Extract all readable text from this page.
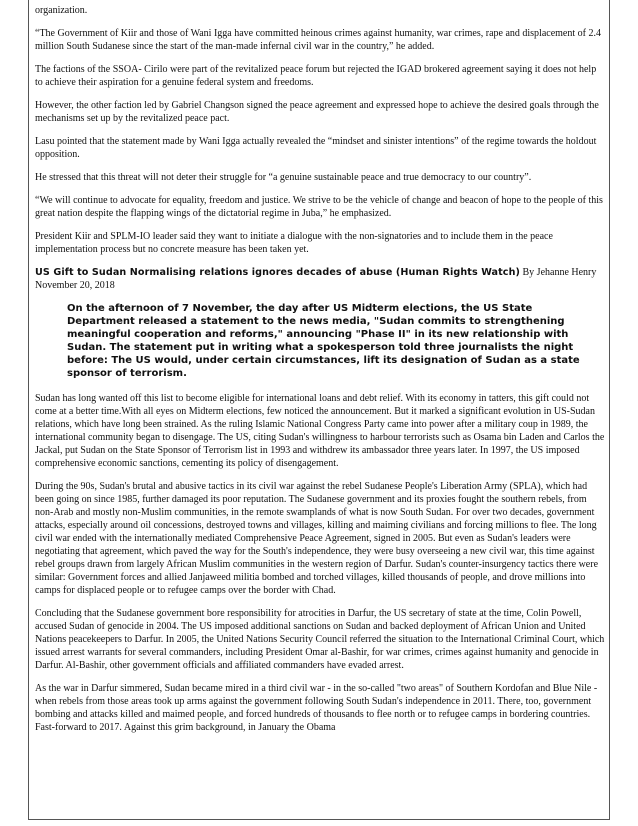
organization.

“The Government of Kiir and those of Wani Igga have committed heinous crimes against humanity, war crimes, rape and displacement of 2.4 million South Sudanese since the start of the man-made infernal civil war in the country,” he added.

The factions of the SSOA- Cirilo were part of the revitalized peace forum but rejected the IGAD brokered agreement saying it does not help to achieve their aspiration for a genuine federal system and freedoms.

However, the other faction led by Gabriel Changson signed the peace agreement and expressed hope to achieve the desired goals through the mechanisms set up by the revitalized peace pact.

Lasu pointed that the statement made by Wani Igga actually revealed the “mindset and sinister intentions” of the regime towards the holdout opposition.

He stressed that this threat will not deter their struggle for “a genuine sustainable peace and true democracy to our country”.

“We will continue to advocate for equality, freedom and justice. We strive to be the vehicle of change and beacon of hope to the people of this great nation despite the flapping wings of the dictatorial regime in Juba,” he emphasized.

President Kiir and SPLM-IO leader said they want to initiate a dialogue with the non-signatories and to include them in the peace implementation process but no concrete measure has been taken yet.

US Gift to Sudan Normalising relations ignores decades of abuse (Human Rights Watch) By Jehanne Henry

November 20, 2018

On the afternoon of 7 November, the day after US Midterm elections, the US State Department released a statement to the news media, "Sudan commits to strengthening meaningful cooperation and reforms," announcing "Phase II" in its new relationship with Sudan. The statement put in writing what a spokesperson told three journalists the night before: The US would, under certain circumstances, lift its designation of Sudan as a state sponsor of terrorism.

Sudan has long wanted off this list to become eligible for international loans and debt relief. With its economy in tatters, this gift could not come at a better time.With all eyes on Midterm elections, few noticed the announcement. But it marked a significant evolution in US-Sudan relations, which have long been strained. As the ruling Islamic National Congress Party came into power after a military coup in 1989, the international community began to disengage. The US, citing Sudan's willingness to harbour terrorists such as Osama bin Laden and Carlos the Jackal, put Sudan on the State Sponsor of Terrorism list in 1993 and withdrew its ambassador three years later. In 1997, the US imposed comprehensive economic sanctions, cementing its policy of disengagement.

During the 90s, Sudan's brutal and abusive tactics in its civil war against the rebel Sudanese People's Liberation Army (SPLA), which had been going on since 1985, further damaged its poor reputation. The Sudanese government and its proxies fought the southern rebels, from non-Arab and mostly non-Muslim communities, in the remote swamplands of what is now South Sudan. For over two decades, government attacks, especially around oil concessions, destroyed towns and villages, killing and maiming civilians and forcing millions to flee. The long civil war ended with the internationally mediated Comprehensive Peace Agreement, signed in 2005. But even as Sudan's leaders were negotiating that agreement, which paved the way for the South's independence, they were busy overseeing a new civil war, this time against rebel groups drawn from largely African Muslim communities in the western region of Darfur. Sudan's counter-insurgency tactics there were similar: Government forces and allied Janjaweed militia bombed and torched villages, killed thousands of people, and drove millions into camps for displaced people or to refugee camps over the border with Chad.

Concluding that the Sudanese government bore responsibility for atrocities in Darfur, the US secretary of state at the time, Colin Powell, accused Sudan of genocide in 2004. The US imposed additional sanctions on Sudan and backed deployment of African Union and United Nations peacekeepers to Darfur. In 2005, the United Nations Security Council referred the situation to the International Criminal Court, which issued arrest warrants for several commanders, including President Omar al-Bashir, for war crimes, crimes against humanity and genocide in Darfur. Al-Bashir, other government officials and affiliated commanders have evaded arrest.

As the war in Darfur simmered, Sudan became mired in a third civil war - in the so-called "two areas" of Southern Kordofan and Blue Nile - when rebels from those areas took up arms against the government following South Sudan's independence in 2011. There, too, government bombing and attacks killed and maimed people, and forced hundreds of thousands to flee north or to refugee camps in bordering countries. Fast-forward to 2017. Against this grim background, in January the Obama
